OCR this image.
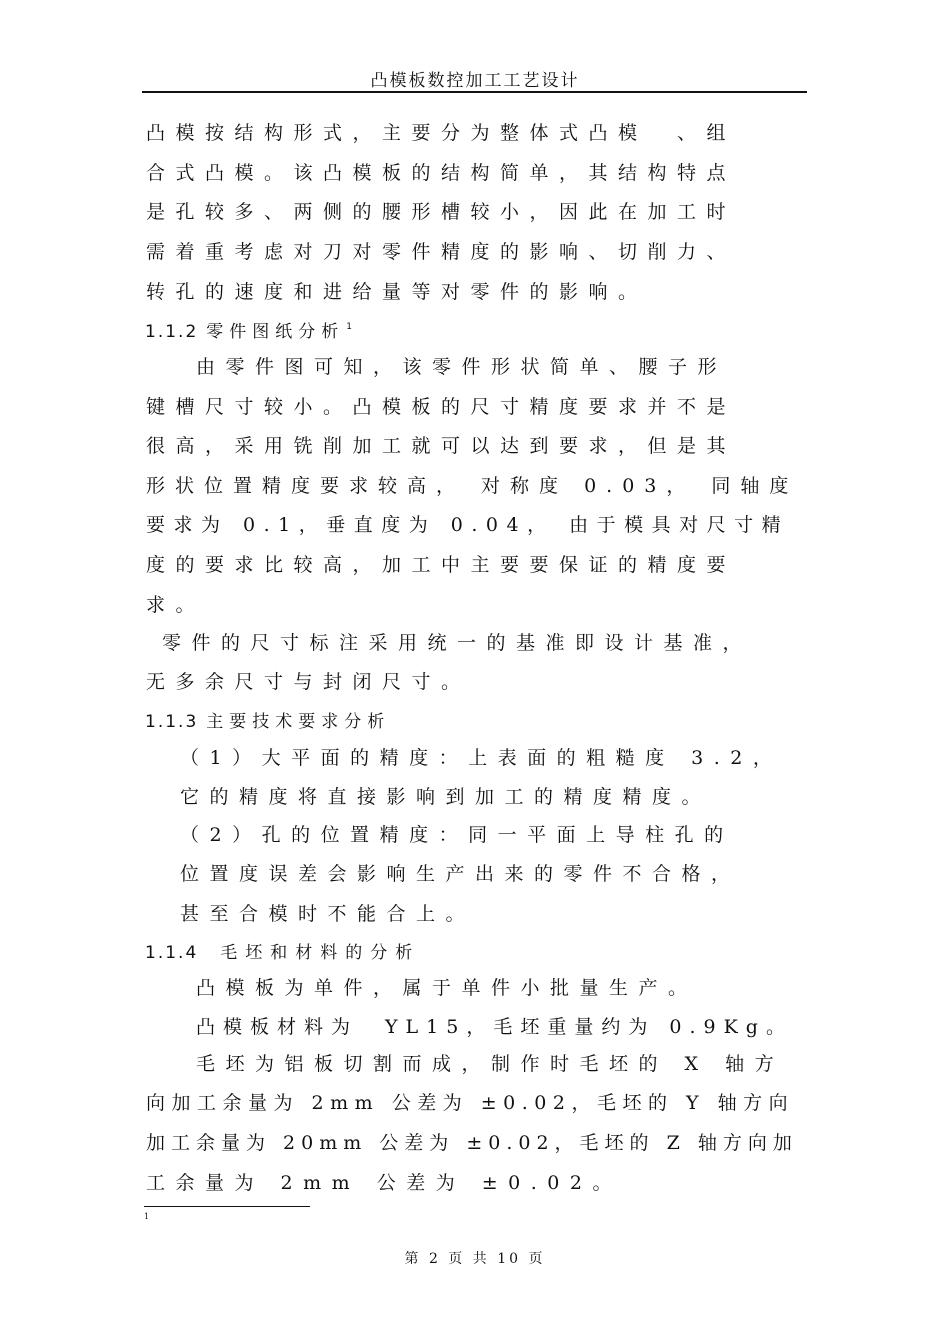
凸模板数控加工工艺设计
凸模按结构形式，主要分为整体式凸模　、组
合式凸模。该凸模板的结构简单，其结构特点
是孔较多、两侧的腰形槽较小，因此在加工时
需着重考虑对刀对零件精度的影响、切削力、
转孔的速度和进给量等对零件的影响。
1.1.2 零件图纸分析 $^1$
由零件图可知，该零件形状简单、腰子形
键槽尺寸较小。凸模板的尺寸精度要求并不是
很高，采用铣削加工就可以达到要求，但是其
形状位置精度要求较高， 对称度 0.03， 同轴度
要求为 0.1，垂直度为 0.04， 由于模具对尺寸精
度的要求比较高，加工中主要要保证的精度要
求。
零件的尺寸标注采用统一的基准即设计基准，
无多余尺寸与封闭尺寸。
1.1.3 主要技术要求分析
（1）大平面的精度：上表面的粗糙度 3.2，
它的精度将直接影响到加工的精度精度。
（2）孔的位置精度：同一平面上导柱孔的
位置度误差会影响生产出来的零件不合格，
甚至合模时不能合上。
1.1.4 毛坯和材料的分析
凸模板为单件，属于单件小批量生产。
凸模板材料为　YL15，毛坯重量约为 0.9Kg。
毛坯为铝板切割而成，制作时毛坯的 X 轴方
向加工余量为 2mm 公差为 ±0.02，毛坯的 Y 轴方向
加工余量为 20mm 公差为 ±0.02，毛坯的 Z 轴方向加
工余量为 2mm 公差为 ±0.02。
1
第 2 页 共 10 页
